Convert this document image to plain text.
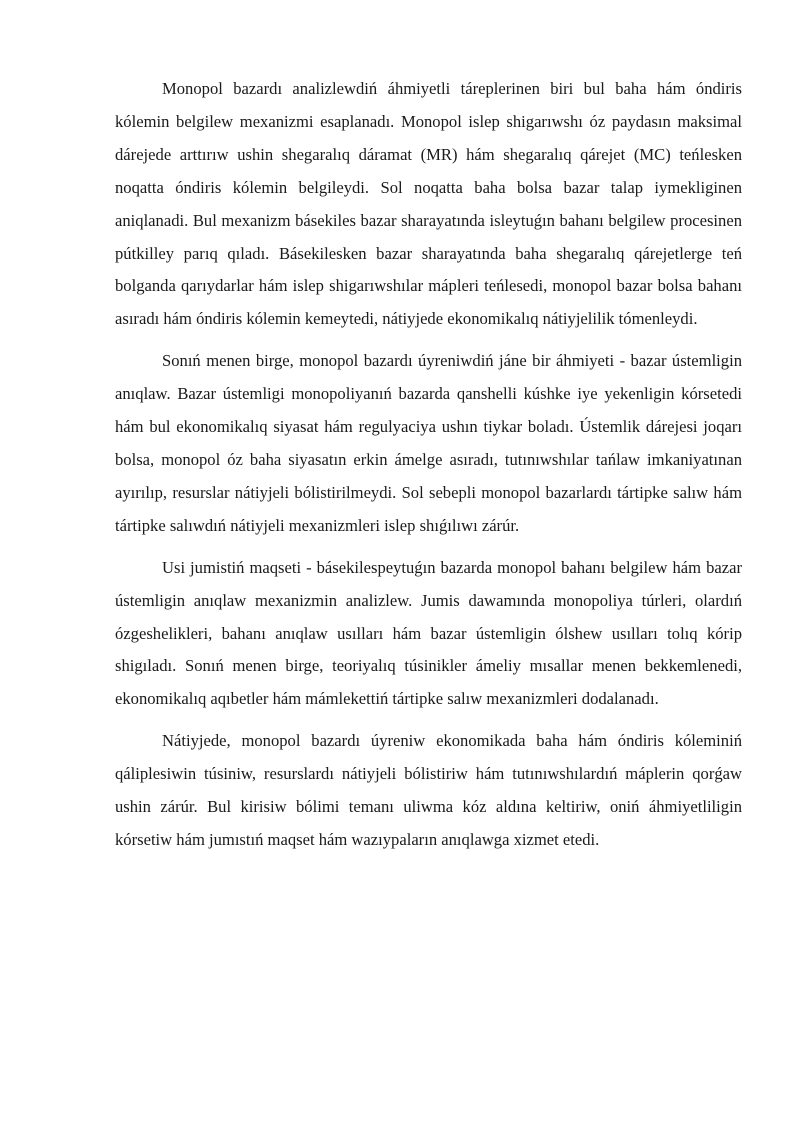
Monopol bazardı analizlewdiń áhmiyetli táreplerinen biri bul baha hám óndiris kólemin belgilew mexanizmi esaplanadı. Monopol islep shigarıwshı óz paydasın maksimal dárejede arttırıw ushin shegaralıq dáramat (MR) hám shegaralıq qárejet (MC) teńlesken noqatta óndiris kólemin belgileydi. Sol noqatta baha bolsa bazar talap iymekliginen aniqlanadi. Bul mexanizm básekiles bazar sharayatında isleytuǵın bahanı belgilew procesinen pútkilley parıq qıladı. Básekilesken bazar sharayatında baha shegaralıq qárejetlerge teń bolganda qarıydarlar hám islep shigarıwshılar mápleri teńlesedi, monopol bazar bolsa bahanı asıradı hám óndiris kólemin kemeytedi, nátiyjede ekonomikalıq nátiyjelilik tómenleydi.

Sonıń menen birge, monopol bazardı úyreniwdiń jáne bir áhmiyeti - bazar ústemligin anıqlaw. Bazar ústemligi monopoliyanıń bazarda qanshelli kúshke iye yekenligin kórsetedi hám bul ekonomikalıq siyasat hám regulyaciya ushın tiykar boladı. Ústemlik dárejesi joqarı bolsa, monopol óz baha siyasatın erkin ámelge asıradı, tutınıwshılar tańlaw imkaniyatınan ayırılıp, resurslar nátiyjeli bólistirilmeydi. Sol sebepli monopol bazarlardı tártipke salıw hám tártipke salıwdıń nátiyjeli mexanizmleri islep shıǵılıwı zárúr.

Usi jumistiń maqseti - básekilespeytuǵın bazarda monopol bahanı belgilew hám bazar ústemligin anıqlaw mexanizmin analizlew. Jumis dawamında monopoliya túrleri, olardıń ózgeshelikleri, bahanı anıqlaw usılları hám bazar ústemligin ólshew usılları tolıq kórip shigıladı. Sonıń menen birge, teoriyalıq túsinikler ámeliy mısallar menen bekkemlenedi, ekonomikalıq aqıbetler hám mámlekettiń tártipke salıw mexanizmleri dodalanadı.

Nátiyjede, monopol bazardı úyreniw ekonomikada baha hám óndiris kóleminiń qáliplesiwin túsiniw, resurslardı nátiyjeli bólistiriw hám tutınıwshılardıń máplerin qorǵaw ushin zárúr. Bul kirisiw bólimi temanı uliwma kóz aldına keltiriw, oniń áhmiyetliligin kórsetiw hám jumıstıń maqset hám wazıypaların anıqlawga xizmet etedi.
